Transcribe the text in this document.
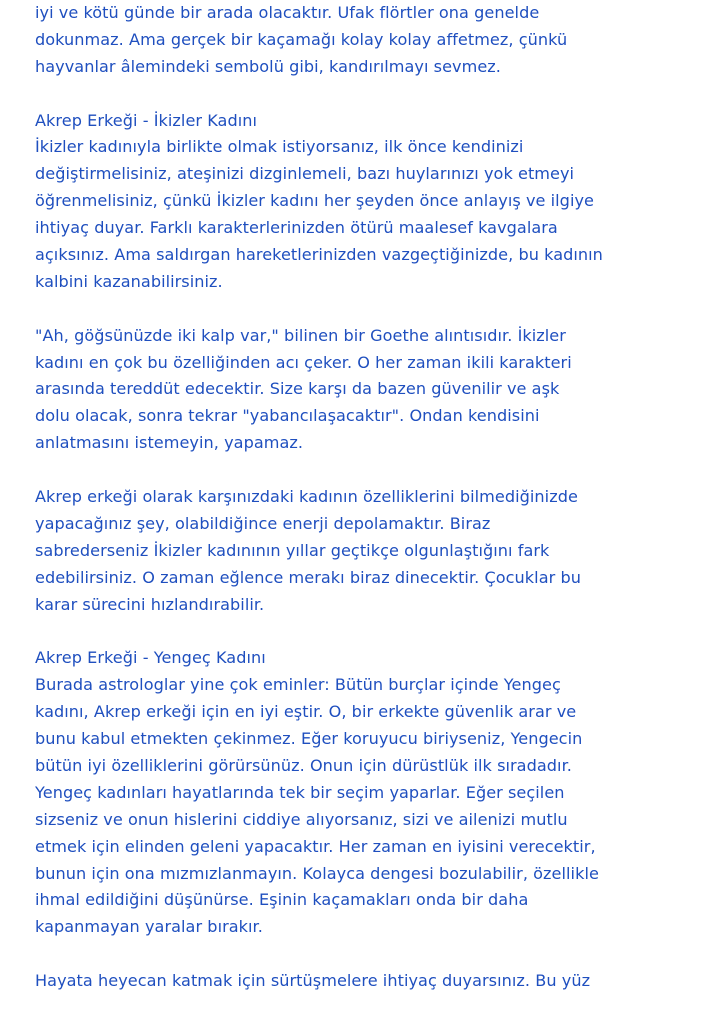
iyi ve kötü günde bir arada olacaktır. Ufak flörtler ona genelde
dokunmaz. Ama gerçek bir kaçamağı kolay kolay affetmez, çünkü
hayvanlar âlemindeki sembolü gibi, kandırılmayı sevmez.
Akrep Erkeği - İkizler Kadını
İkizler kadınıyla birlikte olmak istiyorsanız, ilk önce kendinizi
değiştirmelisiniz, ateşinizi dizginlemeli, bazı huylarınızı yok etmeyi
öğrenmelisiniz, çünkü İkizler kadını her şeyden önce anlayış ve ilgiye
ihtiyaç duyar. Farklı karakterlerinizden ötürü maalesef kavgalara
açıksınız. Ama saldırgan hareketlerinizden vazgeçtiğinizde, bu kadının
kalbini kazanabilirsiniz.
"Ah, göğsünüzde iki kalp var," bilinen bir Goethe alıntısıdır. İkizler
kadını en çok bu özelliğinden acı çeker. O her zaman ikili karakteri
arasında tereddüt edecektir. Size karşı da bazen güvenilir ve aşk
dolu olacak, sonra tekrar "yabancılaşacaktır". Ondan kendisini
anlatmasını istemeyin, yapamaz.
Akrep erkeği olarak karşınızdaki kadının özelliklerini bilmediğinizde
yapacağınız şey, olabildiğince enerji depolamaktır. Biraz
sabrederseniz İkizler kadınının yıllar geçtikçe olgunlaştığını fark
edebilirsiniz. O zaman eğlence merakı biraz dinecektir. Çocuklar bu
karar sürecini hızlandırabilir.
Akrep Erkeği - Yengeç Kadını
Burada astrologlar yine çok eminler: Bütün burçlar içinde Yengeç
kadını, Akrep erkeği için en iyi eştir. O, bir erkekte güvenlik arar ve
bunu kabul etmekten çekinmez. Eğer koruyucu biriyseniz, Yengecin
bütün iyi özelliklerini görürsünüz. Onun için dürüstlük ilk sıradadır.
Yengeç kadınları hayatlarında tek bir seçim yaparlar. Eğer seçilen
sizseniz ve onun hislerini ciddiye alıyorsanız, sizi ve ailenizi mutlu
etmek için elinden geleni yapacaktır. Her zaman en iyisini verecektir,
bunun için ona mızmızlanmayın. Kolayca dengesi bozulabilir, özellikle
ihmal edildiğini düşünürse. Eşinin kaçamakları onda bir daha
kapanmayan yaralar bırakır.
Hayata heyecan katmak için sürtüşmelere ihtiyaç duyarsınız. Bu yüz
